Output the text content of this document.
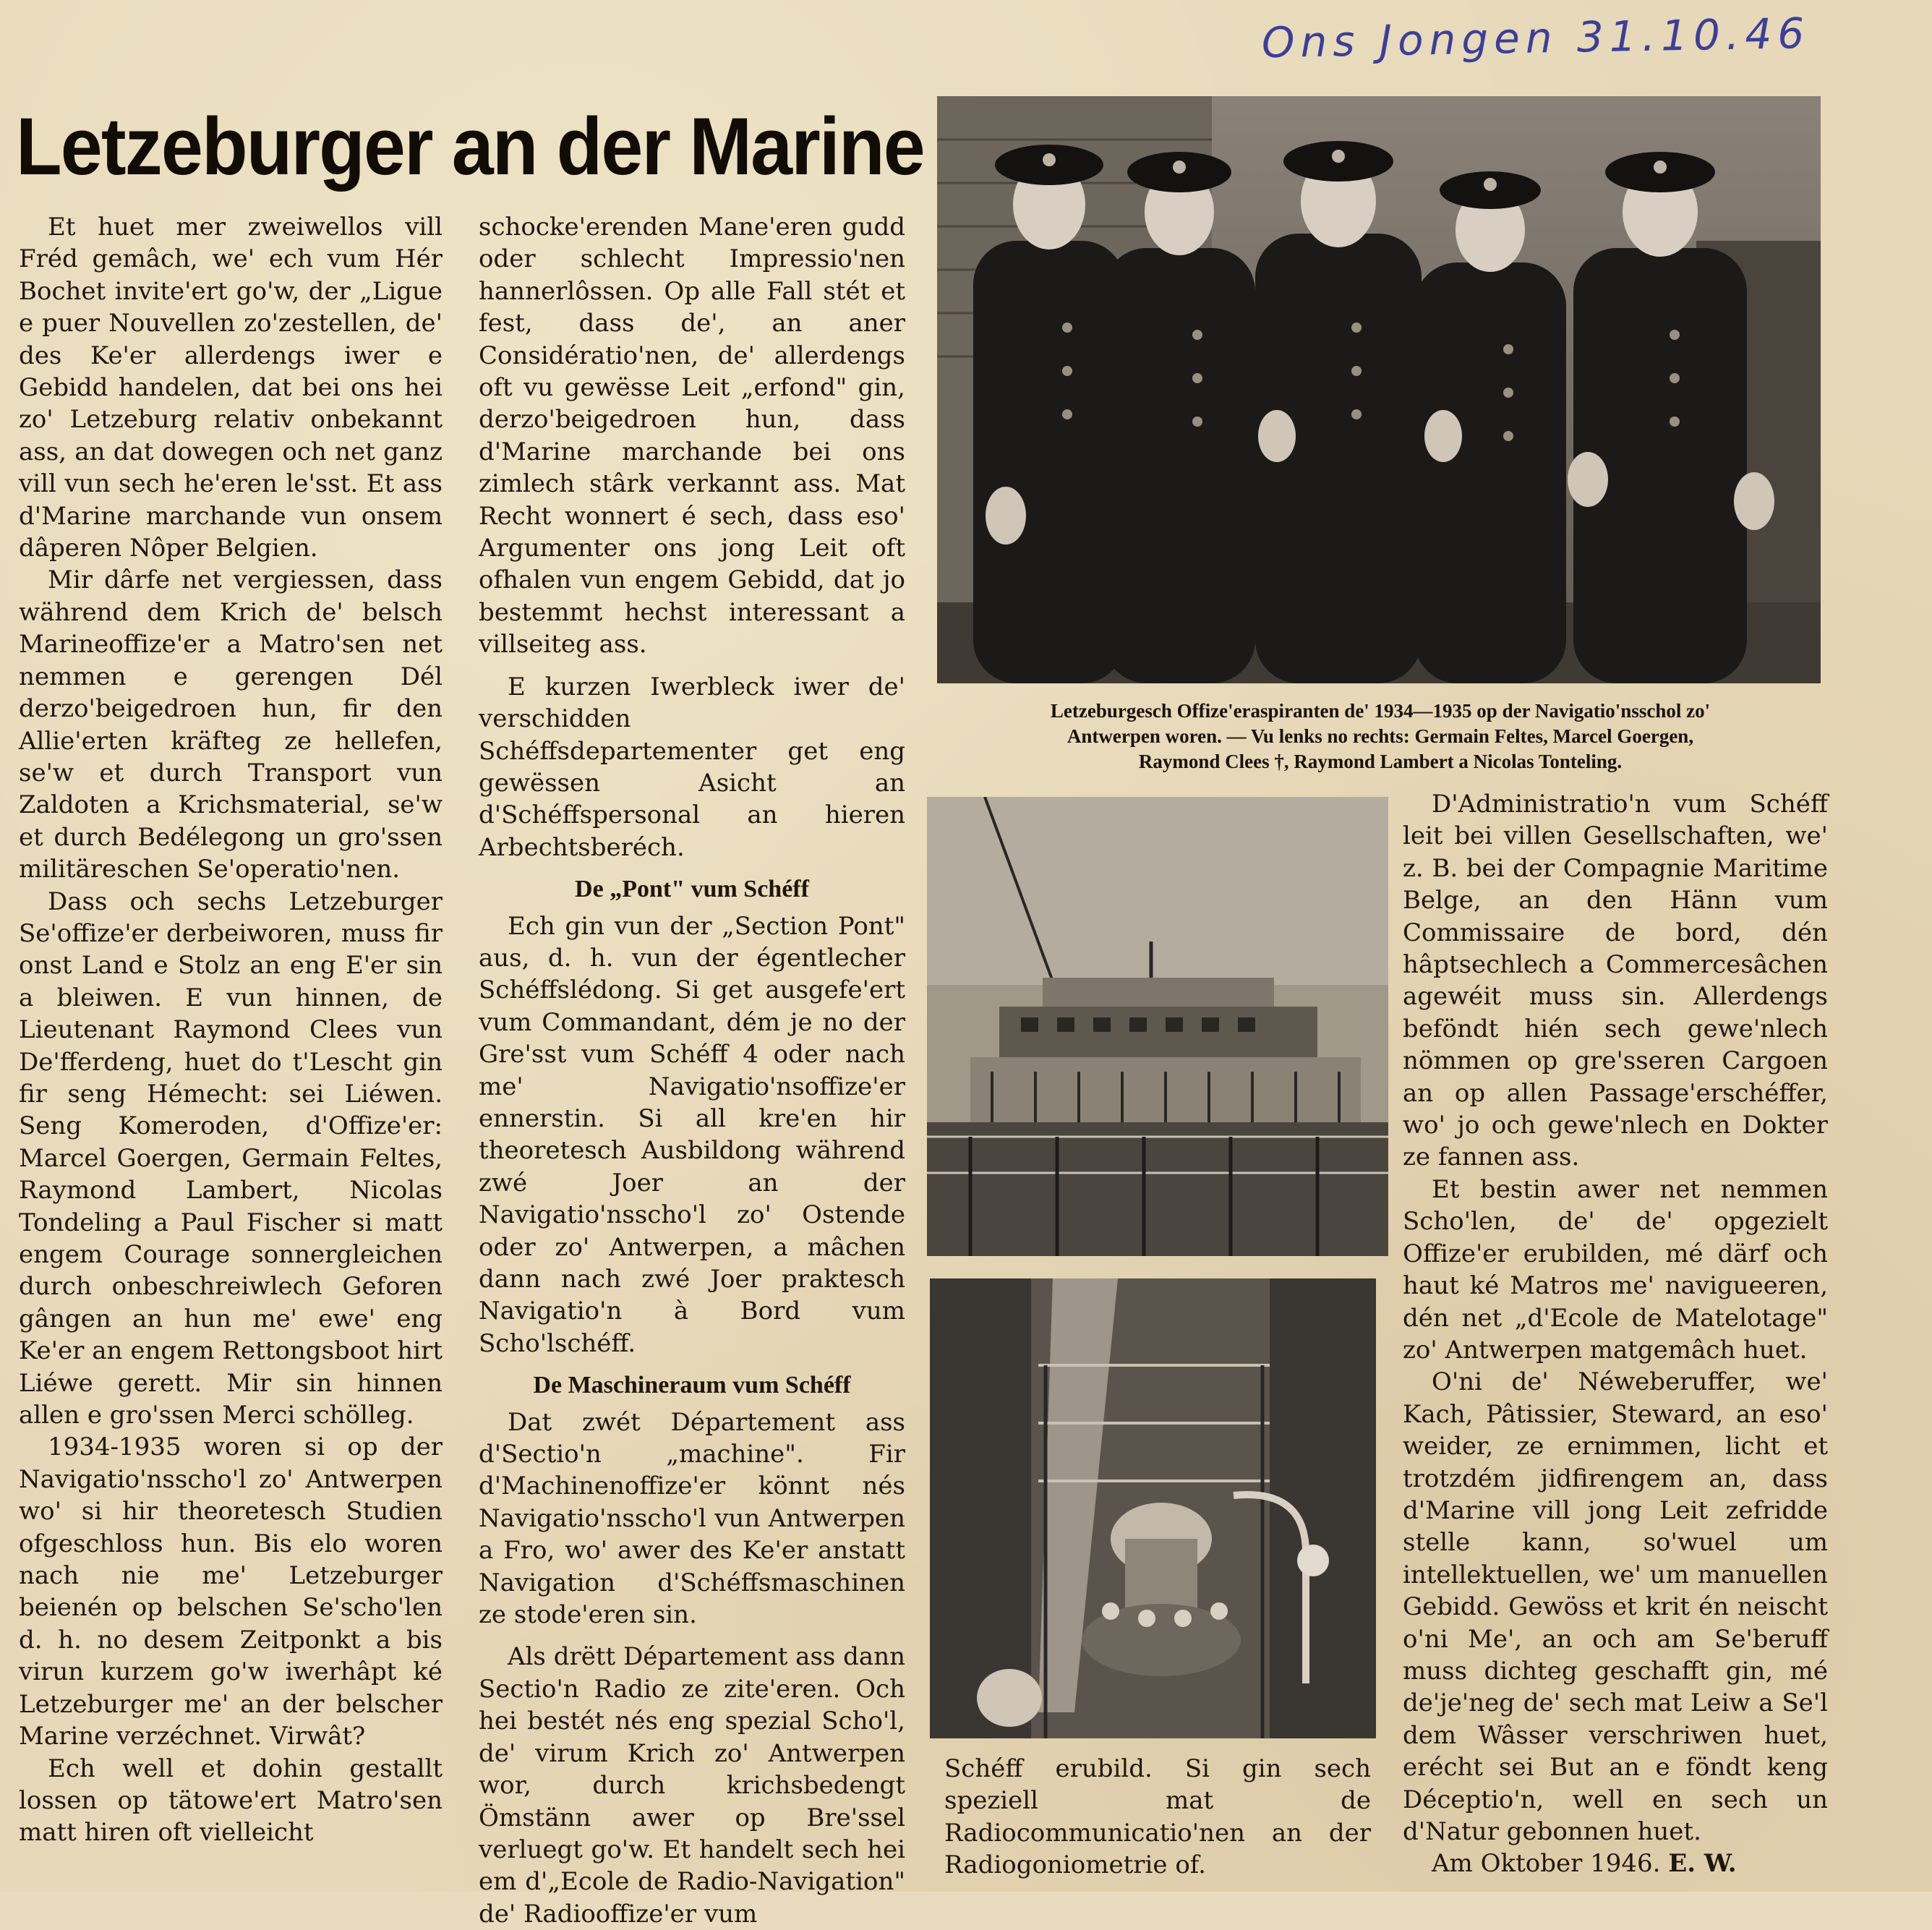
Ons Jongen 31.10.46
Letzeburger an der Marine

Et huet mer zweiwellos vill Fréd gemâch, we' ech vum Hér Bochet invite'ert go'w, der „Ligue e puer Nouvellen zo'zestellen, de' des Ke'er allerdengs iwer e Gebidd handelen, dat bei ons hei zo' Letzeburg relativ onbekannt ass, an dat dowegen och net ganz vill vun sech he'eren le'sst. Et ass d'Marine marchande vun onsem dâperen Nôper Belgien.

Mir dârfe net vergiessen, dass während dem Krich de' belsch Marineoffize'er a Matro'sen net nemmen e gerengen Dél derzo'beigedroen hun, fir den Allie'erten kräfteg ze hellefen, se'w et durch Transport vun Zaldoten a Krichsmaterial, se'w et durch Bedélegong un gro'ssen militäreschen Se'operatio'nen.

Dass och sechs Letzeburger Se'offize'er derbeiworen, muss fir onst Land e Stolz an eng E'er sin a bleiwen. E vun hinnen, de Lieutenant Raymond Clees vun De'fferdeng, huet do t'Lescht gin fir seng Hémecht: sei Liéwen. Seng Komeroden, d'Offize'er: Marcel Goergen, Germain Feltes, Raymond Lambert, Nicolas Tondeling a Paul Fischer si matt engem Courage sonnergleichen durch onbeschreiwlech Geforen gângen an hun me' ewe' eng Ke'er an engem Rettongsboot hirt Liéwe gerett. Mir sin hinnen allen e gro'ssen Merci schölleg.

1934-1935 woren si op der Navigatio'nsscho'l zo' Antwerpen wo' si hir theoretesch Studien ofgeschloss hun. Bis elo woren nach nie me' Letzeburger beienén op belschen Se'scho'len d. h. no desem Zeitponkt a bis virun kurzem go'w iwerhâpt ké Letzeburger me' an der belscher Marine verzéchnet. Virwât?

Ech well et dohin gestallt lossen op tätowe'ert Matro'sen matt hiren oft vielleicht

schocke'erenden Mane'eren gudd oder schlecht Impressio'nen hannerlôssen. Op alle Fall stét et fest, dass de', an aner Considératio'nen, de' allerdengs oft vu gewësse Leit „erfond" gin, derzo'beigedroen hun, dass d'Marine marchande bei ons zimlech stârk verkannt ass. Mat Recht wonnert é sech, dass eso' Argumenter ons jong Leit oft ofhalen vun engem Gebidd, dat jo bestemmt hechst interessant a villseiteg ass.

E kurzen Iwerbleck iwer de' verschidden Schéffsdepartementer get eng gewëssen Asicht an d'Schéffspersonal an hieren Arbechtsberéch.

De „Pont" vum Schéff

Ech gin vun der „Section Pont" aus, d. h. vun der égentlecher Schéffslédong. Si get ausgefe'ert vum Commandant, dém je no der Gre'sst vum Schéff 4 oder nach me' Navigatio'nsoffize'er ennerstin. Si all kre'en hir theoretesch Ausbildong während zwé Joer an der Navigatio'nsscho'l zo' Ostende oder zo' Antwerpen, a mâchen dann nach zwé Joer praktesch Navigatio'n à Bord vum Scho'lschéff.

De Maschineraum vum Schéff

Dat zwét Département ass d'Sectio'n „machine". Fir d'Machinenoffize'er könnt nés Navigatio'nsscho'l vun Antwerpen a Fro, wo' awer des Ke'er anstatt Navigation d'Schéffsmaschinen ze stode'eren sin.

Als drëtt Département ass dann Sectio'n Radio ze zite'eren. Och hei bestét nés eng spezial Scho'l, de' virum Krich zo' Antwerpen wor, durch krichsbedengt Ömstänn awer op Bre'ssel verluegt go'w. Et handelt sech hei em d'„Ecole de Radio-Navigation" de' Radiooffize'er vum

Letzeburgesch Offize'eraspiranten de' 1934—1935 op der Navigatio'nsschol zo'
Antwerpen woren. — Vu lenks no rechts: Germain Feltes, Marcel Goergen,
Raymond Clees †, Raymond Lambert a Nicolas Tonteling.

D'Administratio'n vum Schéff leit bei villen Gesellschaften, we' z. B. bei der Compagnie Maritime Belge, an den Hänn vum Commissaire de bord, dén hâptsechlech a Commercesâchen agewéit muss sin. Allerdengs beföndt hién sech gewe'nlech nömmen op gre'sseren Cargoen an op allen Passage'erschéffer, wo' jo och gewe'nlech en Dokter ze fannen ass.

Et bestin awer net nemmen Scho'len, de' de' opgezielt Offize'er erubilden, mé därf och haut ké Matros me' navigueeren, dén net „d'Ecole de Matelotage" zo' Antwerpen matgemâch huet.

O'ni de' Néweberuffer, we' Kach, Pâtissier, Steward, an eso' weider, ze ernimmen, licht et trotzdém jidfirengem an, dass d'Marine vill jong Leit zefridde stelle kann, so'wuel um intellektuellen, we' um manuellen Gebidd. Gewöss et krit én neischt o'ni Me', an och am Se'beruff muss dichteg geschafft gin, mé de'je'neg de' sech mat Leiw a Se'l dem Wâsser verschriwen huet, erécht sei But an e föndt keng Déceptio'n, well en sech un d'Natur gebonnen huet.

Am Oktober 1946. E. W.

Schéff erubild. Si gin sech speziell mat de Radiocommunicatio'nen an der Radiogoniometrie of.
